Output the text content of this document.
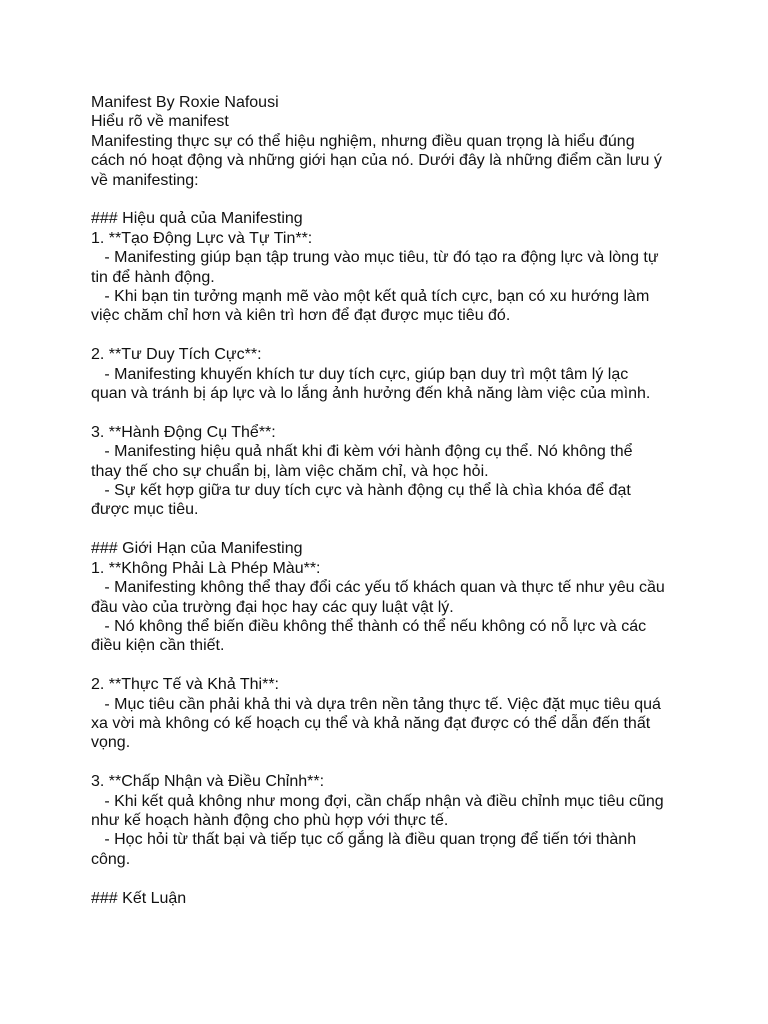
Manifest By Roxie Nafousi
Hiểu rõ về manifest
Manifesting thực sự có thể hiệu nghiệm, nhưng điều quan trọng là hiểu đúng
cách nó hoạt động và những giới hạn của nó. Dưới đây là những điểm cần lưu ý
về manifesting:
### Hiệu quả của Manifesting
1. **Tạo Động Lực và Tự Tin**:
- Manifesting giúp bạn tập trung vào mục tiêu, từ đó tạo ra động lực và lòng tự
tin để hành động.
- Khi bạn tin tưởng mạnh mẽ vào một kết quả tích cực, bạn có xu hướng làm
việc chăm chỉ hơn và kiên trì hơn để đạt được mục tiêu đó.
2. **Tư Duy Tích Cực**:
- Manifesting khuyến khích tư duy tích cực, giúp bạn duy trì một tâm lý lạc
quan và tránh bị áp lực và lo lắng ảnh hưởng đến khả năng làm việc của mình.
3. **Hành Động Cụ Thể**:
- Manifesting hiệu quả nhất khi đi kèm với hành động cụ thể. Nó không thể
thay thế cho sự chuẩn bị, làm việc chăm chỉ, và học hỏi.
- Sự kết hợp giữa tư duy tích cực và hành động cụ thể là chìa khóa để đạt
được mục tiêu.
### Giới Hạn của Manifesting
1. **Không Phải Là Phép Màu**:
- Manifesting không thể thay đổi các yếu tố khách quan và thực tế như yêu cầu
đầu vào của trường đại học hay các quy luật vật lý.
- Nó không thể biến điều không thể thành có thể nếu không có nỗ lực và các
điều kiện cần thiết.
2. **Thực Tế và Khả Thi**:
- Mục tiêu cần phải khả thi và dựa trên nền tảng thực tế. Việc đặt mục tiêu quá
xa vời mà không có kế hoạch cụ thể và khả năng đạt được có thể dẫn đến thất
vọng.
3. **Chấp Nhận và Điều Chỉnh**:
- Khi kết quả không như mong đợi, cần chấp nhận và điều chỉnh mục tiêu cũng
như kế hoạch hành động cho phù hợp với thực tế.
- Học hỏi từ thất bại và tiếp tục cố gắng là điều quan trọng để tiến tới thành
công.
### Kết Luận
